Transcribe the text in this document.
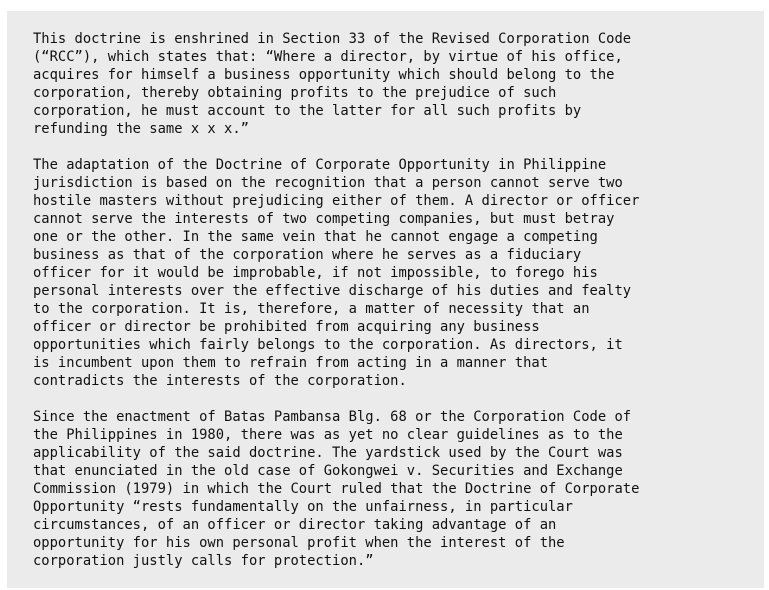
This doctrine is enshrined in Section 33 of the Revised Corporation Code
(“RCC”), which states that: “Where a director, by virtue of his office,
acquires for himself a business opportunity which should belong to the
corporation, thereby obtaining profits to the prejudice of such
corporation, he must account to the latter for all such profits by
refunding the same x x x.”

The adaptation of the Doctrine of Corporate Opportunity in Philippine
jurisdiction is based on the recognition that a person cannot serve two
hostile masters without prejudicing either of them. A director or officer
cannot serve the interests of two competing companies, but must betray
one or the other. In the same vein that he cannot engage a competing
business as that of the corporation where he serves as a fiduciary
officer for it would be improbable, if not impossible, to forego his
personal interests over the effective discharge of his duties and fealty
to the corporation. It is, therefore, a matter of necessity that an
officer or director be prohibited from acquiring any business
opportunities which fairly belongs to the corporation. As directors, it
is incumbent upon them to refrain from acting in a manner that
contradicts the interests of the corporation.

Since the enactment of Batas Pambansa Blg. 68 or the Corporation Code of
the Philippines in 1980, there was as yet no clear guidelines as to the
applicability of the said doctrine. The yardstick used by the Court was
that enunciated in the old case of Gokongwei v. Securities and Exchange
Commission (1979) in which the Court ruled that the Doctrine of Corporate
Opportunity “rests fundamentally on the unfairness, in particular
circumstances, of an officer or director taking advantage of an
opportunity for his own personal profit when the interest of the
corporation justly calls for protection.”
